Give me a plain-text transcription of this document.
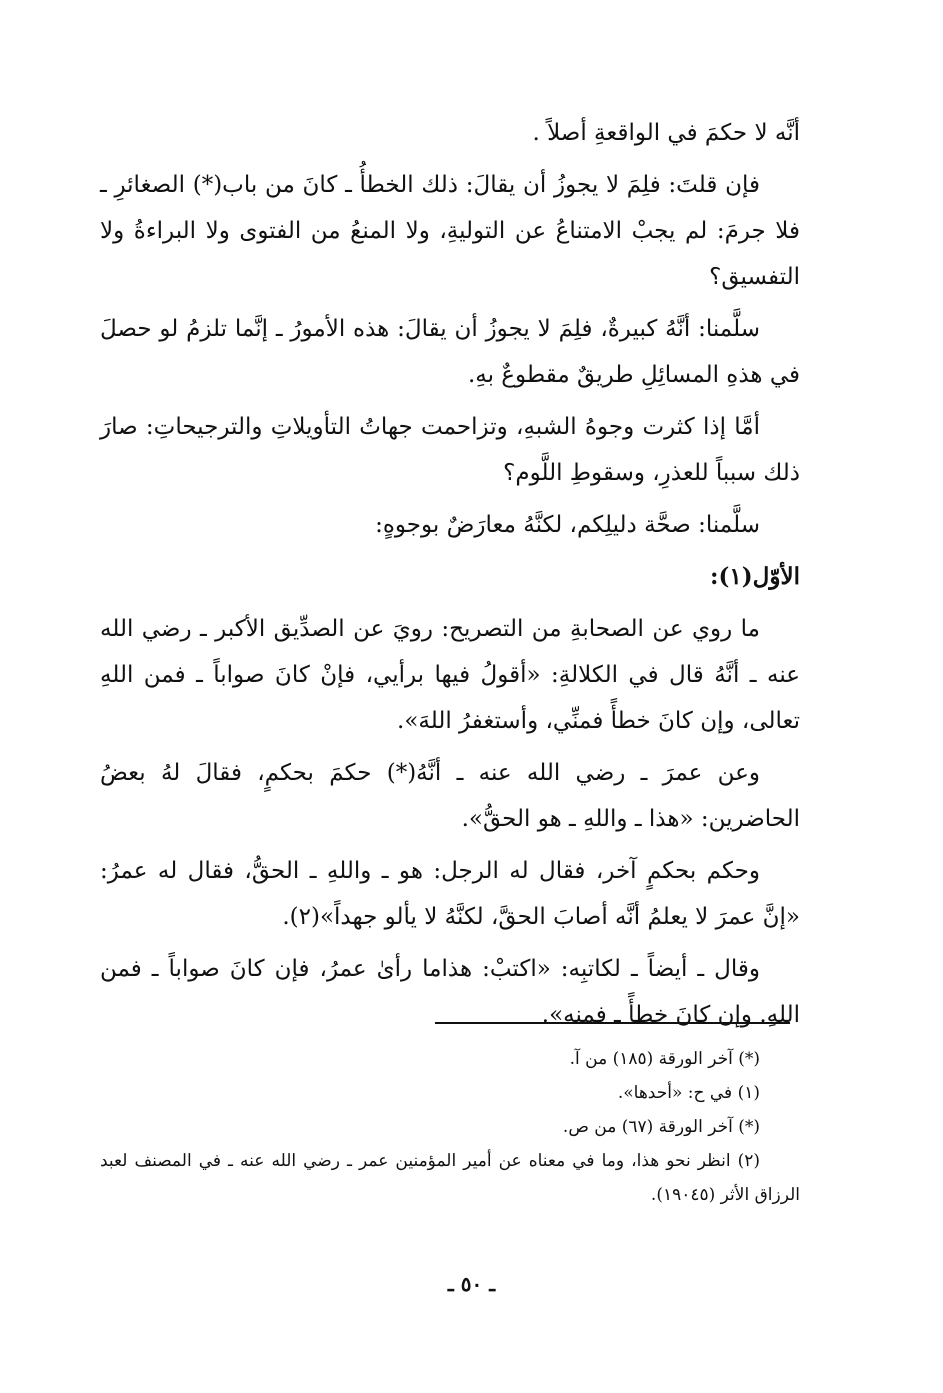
أنَّه لا حكمَ في الواقعةِ أصلاً .

فإن قلتَ: فلِمَ لا يجوزُ أن يقالَ: ذلك الخطأُ ـ كانَ من باب(*) الصغائرِ ـ فلا جرمَ: لم يجبْ الامتناعُ عن التوليةِ، ولا المنعُ من الفتوى ولا البراءةُ ولا التفسيق؟

سلَّمنا: أنَّهُ كبيرةٌ، فلِمَ لا يجوزُ أن يقالَ: هذه الأمورُ ـ إنَّما تلزمُ لو حصلَ في هذهِ المسائِلِ طريقٌ مقطوعٌ بهِ.

أمَّا إذا كثرت وجوهُ الشبهِ، وتزاحمت جهاتُ التأويلاتِ والترجيحاتِ: صارَ ذلك سبباً للعذرِ، وسقوطِ اللَّوم؟

سلَّمنا: صحَّة دليلِكم، لكنَّهُ معارَضٌ بوجوهٍ:

الأوّل(١):

ما روي عن الصحابةِ من التصريح: رويَ عن الصدِّيق الأكبر ـ رضي الله عنه ـ أنَّهُ قال في الكلالةِ: «أقولُ فيها برأيي، فإنْ كانَ صواباً ـ فمن اللهِ تعالى، وإن كانَ خطأً فمنِّي، وأستغفرُ اللهَ».

وعن عمرَ ـ رضي الله عنه ـ أنَّهُ(*) حكمَ بحكمٍ، فقالَ لهُ بعضُ الحاضرين: «هذا ـ واللهِ ـ هو الحقُّ».

وحكم بحكمٍ آخر، فقال له الرجل: هو ـ واللهِ ـ الحقُّ، فقال له عمرُ: «إنَّ عمرَ لا يعلمُ أنَّه أصابَ الحقَّ، لكنَّهُ لا يألو جهداً»(٢).

وقال ـ أيضاً ـ لكاتبِه: «اكتبْ: هذاما رأىٰ عمرُ، فإن كانَ صواباً ـ فمن اللهِ. وإن كانَ خطأً ـ فمنه».

(*) آخر الورقة (١٨٥) من آ.

(١) في ح: «أحدها».

(*) آخر الورقة (٦٧) من ص.

(٢) انظر نحو هذا، وما في معناه عن أمير المؤمنين عمر ـ رضي الله عنه ـ في المصنف لعبد الرزاق الأثر (١٩٠٤٥).

ـ ٥٠ ـ
